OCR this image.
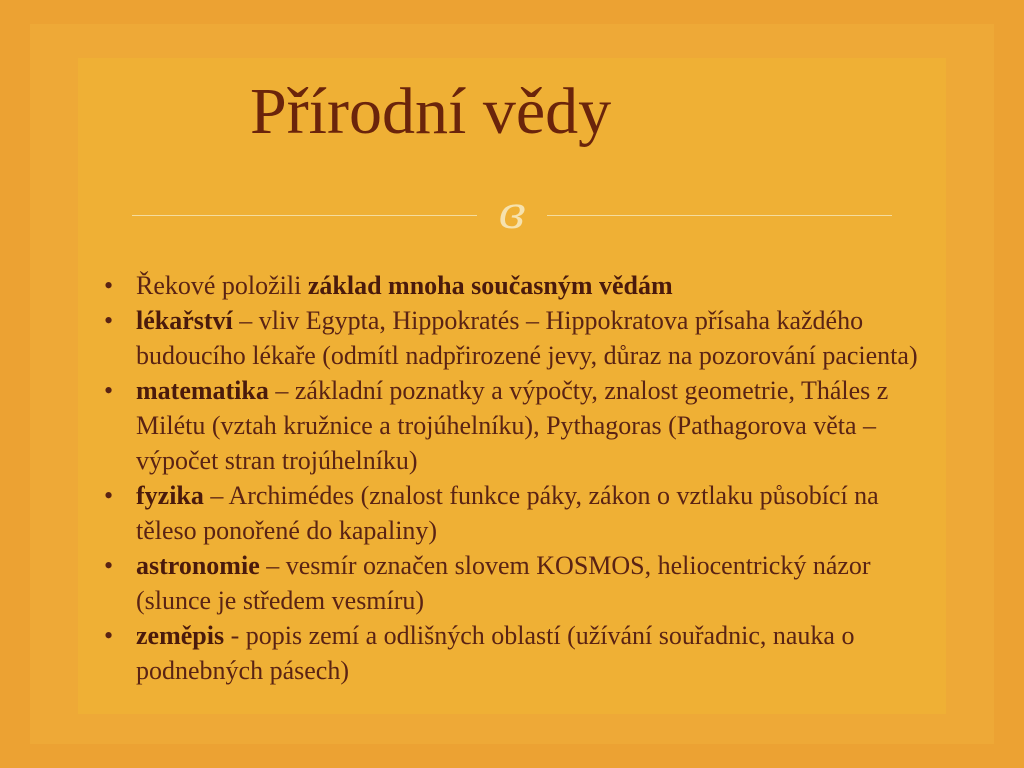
Přírodní vědy
ɞ
• Řekové položili základ mnoha současným vědám
• lékařství – vliv Egypta, Hippokratés – Hippokratova přísaha každého budoucího lékaře (odmítl nadpřirozené jevy, důraz na pozorování pacienta)
• matematika – základní poznatky a výpočty, znalost geometrie, Tháles z Milétu (vztah kružnice a trojúhelníku), Pythagoras (Pathagorova věta – výpočet stran trojúhelníku)
• fyzika – Archimédes (znalost funkce páky, zákon o vztlaku působící na těleso ponořené do kapaliny)
• astronomie – vesmír označen slovem KOSMOS, heliocentrický názor (slunce je středem vesmíru)
• zeměpis - popis zemí a odlišných oblastí (užívání souřadnic, nauka o podnebných pásech)
